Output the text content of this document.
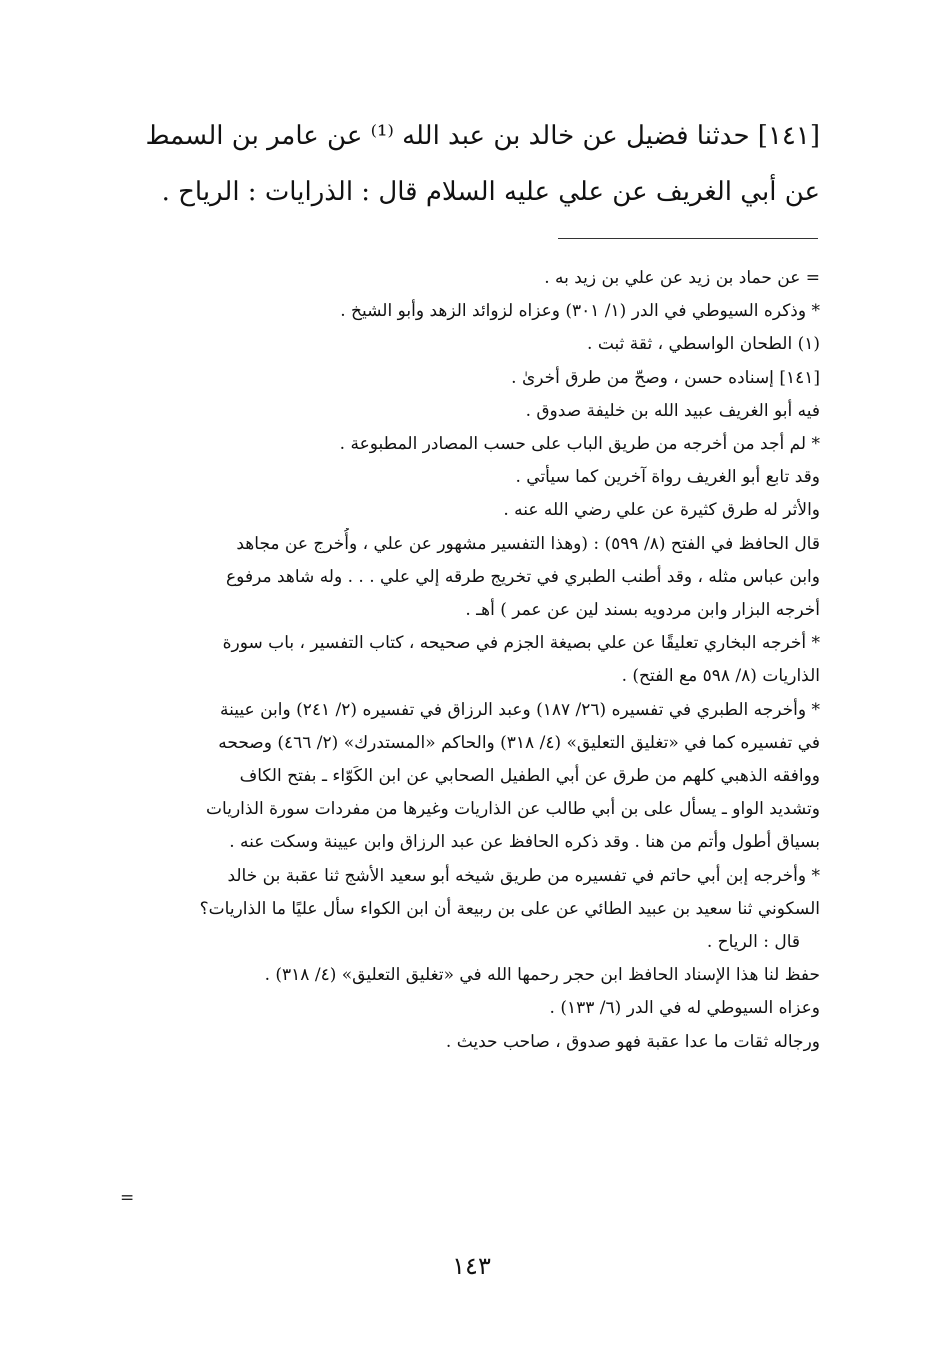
[١٤١] حدثنا فضيل عن خالد بن عبد الله ⁽¹⁾ عن عامر بن السمط
عن أبي الغريف عن علي عليه السلام قال : الذرايات : الرياح .
= عن حماد بن زيد عن علي بن زيد به .
* وذكره السيوطي في الدر (١/ ٣٠١) وعزاه لزوائد الزهد وأبو الشيخ .
(١) الطحان الواسطي ، ثقة ثبت .
[١٤١] إسناده حسن ، وصحّ من طرق أخرىٰ .
فيه أبو الغريف عبيد الله بن خليفة صدوق .
* لم أجد من أخرجه من طريق الباب على حسب المصادر المطبوعة .
وقد تابع أبو الغريف رواة آخرين كما سيأتي .
والأثر له طرق كثيرة عن علي رضي الله عنه .
قال الحافظ في الفتح (٨/ ٥٩٩) : (وهذا التفسير مشهور عن علي ، وأُخرج عن مجاهد
وابن عباس مثله ، وقد أطنب الطبري في تخريج طرقه إلي علي . . . وله شاهد مرفوع
أخرجه البزار وابن مردويه بسند لين عن عمر ) أهـ .
* أخرجه البخاري تعليقًا عن علي بصيغة الجزم في صحيحه ، كتاب التفسير ، باب سورة
الذاريات (٨/ ٥٩٨ مع الفتح) .
* وأخرجه الطبري في تفسيره (٢٦/ ١٨٧) وعبد الرزاق في تفسيره (٢/ ٢٤١) وابن عيينة
في تفسيره كما في «تغليق التعليق» (٤/ ٣١٨) والحاكم «المستدرك» (٢/ ٤٦٦) وصححه
ووافقه الذهبي كلهم من طرق عن أبي الطفيل الصحابي عن ابن الكَوّاء ـ بفتح الكاف
وتشديد الواو ـ يسأل على بن أبي طالب عن الذاريات وغيرها من مفردات سورة الذاريات
بسياق أطول وأتم من هنا . وقد ذكره الحافظ عن عبد الرزاق وابن عيينة وسكت عنه .
* وأخرجه إبن أبي حاتم في تفسيره من طريق شيخه أبو سعيد الأشج ثنا عقبة بن خالد
السكوني ثنا سعيد بن عبيد الطائي عن على بن ربيعة أن ابن الكواء سأل عليًا ما الذاريات؟
قال : الرياح .
حفظ لنا هذا الإسناد الحافظ ابن حجر رحمها الله في «تغليق التعليق» (٤/ ٣١٨) .
وعزاه السيوطي له في الدر (٦/ ١٣٣) .
ورجاله ثقات ما عدا عقبة فهو صدوق ، صاحب حديث .
=
١٤٣
